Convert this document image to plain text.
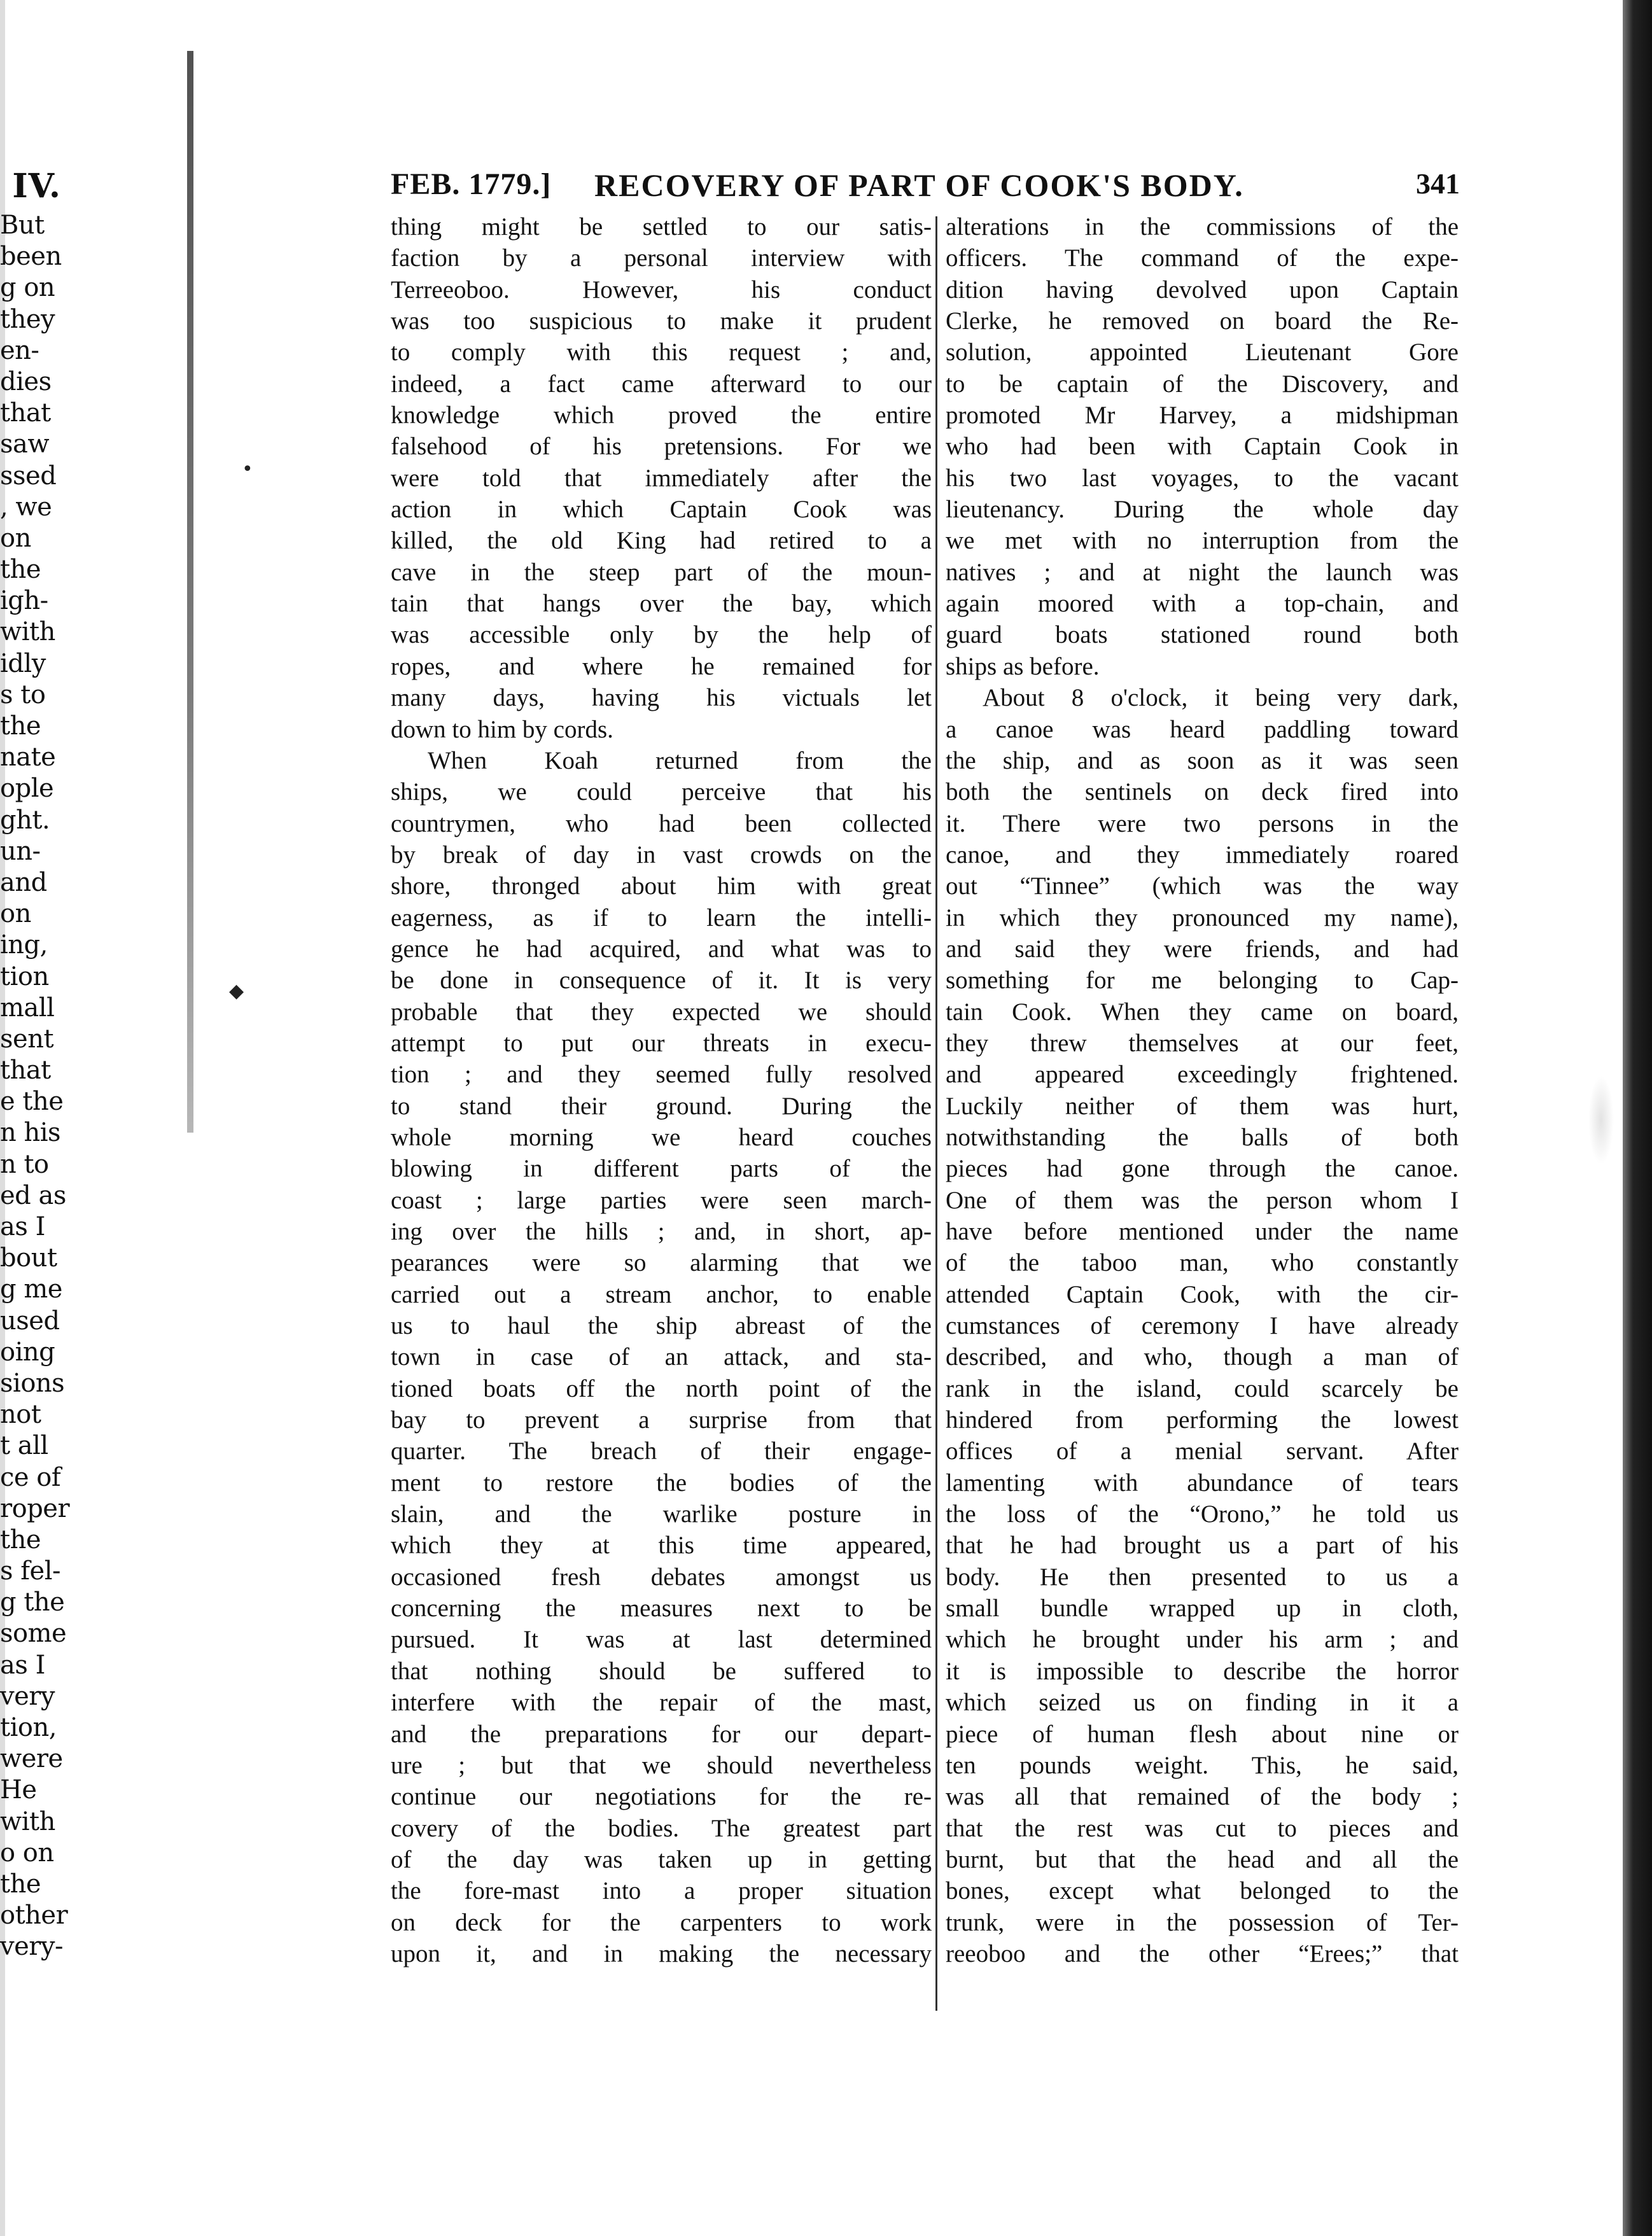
IV.
But
been
g on
they
en-
dies
that
saw
ssed
, we
on
the
igh-
with
idly
s to
the
nate
ople
ght.
un-
and
on
ing,
tion
mall
sent
that
e the
n his
n to
ed as
as I
bout
g me
used
oing
sions
not
t all
ce of
roper
the
s fel-
g the
some
as I
very
tion,
were
He
with
o on
the
other
very-
FEB. 1779.] RECOVERY OF PART OF COOK'S BODY.	341
thing might be settled to our satis-
faction by a personal interview with
Terreeoboo. However, his conduct
was too suspicious to make it prudent
to comply with this request ; and,
indeed, a fact came afterward to our
knowledge which proved the entire
falsehood of his pretensions. For we
were told that immediately after the
action in which Captain Cook was
killed, the old King had retired to a
cave in the steep part of the moun-
tain that hangs over the bay, which
was accessible only by the help of
ropes, and where he remained for
many days, having his victuals let
down to him by cords.
When Koah returned from the
ships, we could perceive that his
countrymen, who had been collected
by break of day in vast crowds on the
shore, thronged about him with great
eagerness, as if to learn the intelli-
gence he had acquired, and what was to
be done in consequence of it. It is very
probable that they expected we should
attempt to put our threats in execu-
tion ; and they seemed fully resolved
to stand their ground. During the
whole morning we heard couches
blowing in different parts of the
coast ; large parties were seen march-
ing over the hills ; and, in short, ap-
pearances were so alarming that we
carried out a stream anchor, to enable
us to haul the ship abreast of the
town in case of an attack, and sta-
tioned boats off the north point of the
bay to prevent a surprise from that
quarter. The breach of their engage-
ment to restore the bodies of the
slain, and the warlike posture in
which they at this time appeared,
occasioned fresh debates amongst us
concerning the measures next to be
pursued. It was at last determined
that nothing should be suffered to
interfere with the repair of the mast,
and the preparations for our depart-
ure ; but that we should nevertheless
continue our negotiations for the re-
covery of the bodies. The greatest part
of the day was taken up in getting
the fore-mast into a proper situation
on deck for the carpenters to work
upon it, and in making the necessary
alterations in the commissions of the
officers. The command of the expe-
dition having devolved upon Captain
Clerke, he removed on board the Re-
solution, appointed Lieutenant Gore
to be captain of the Discovery, and
promoted Mr Harvey, a midshipman
who had been with Captain Cook in
his two last voyages, to the vacant
lieutenancy. During the whole day
we met with no interruption from the
natives ; and at night the launch was
again moored with a top-chain, and
guard boats stationed round both
ships as before.
About 8 o'clock, it being very dark,
a canoe was heard paddling toward
the ship, and as soon as it was seen
both the sentinels on deck fired into
it. There were two persons in the
canoe, and they immediately roared
out “Tinnee” (which was the way
in which they pronounced my name),
and said they were friends, and had
something for me belonging to Cap-
tain Cook. When they came on board,
they threw themselves at our feet,
and appeared exceedingly frightened.
Luckily neither of them was hurt,
notwithstanding the balls of both
pieces had gone through the canoe.
One of them was the person whom I
have before mentioned under the name
of the taboo man, who constantly
attended Captain Cook, with the cir-
cumstances of ceremony I have already
described, and who, though a man of
rank in the island, could scarcely be
hindered from performing the lowest
offices of a menial servant. After
lamenting with abundance of tears
the loss of the “Orono,” he told us
that he had brought us a part of his
body. He then presented to us a
small bundle wrapped up in cloth,
which he brought under his arm ; and
it is impossible to describe the horror
which seized us on finding in it a
piece of human flesh about nine or
ten pounds weight. This, he said,
was all that remained of the body ;
that the rest was cut to pieces and
burnt, but that the head and all the
bones, except what belonged to the
trunk, were in the possession of Ter-
reeoboo and the other “Erees;” that
•
◆
